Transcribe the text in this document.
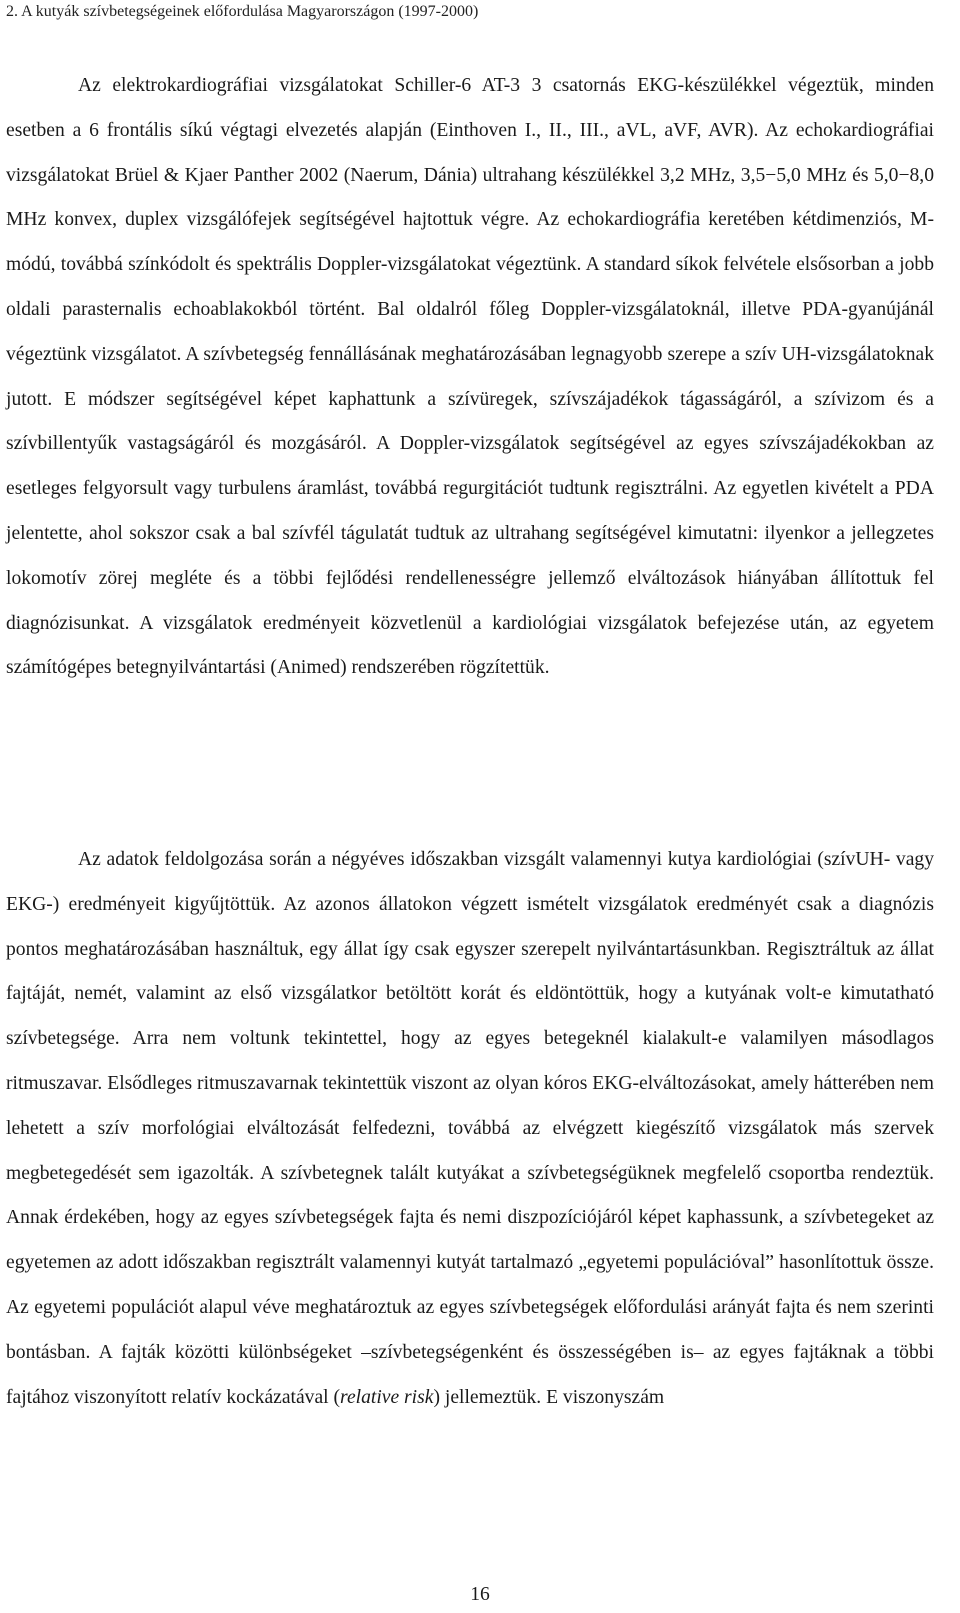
2. A kutyák szívbetegségeinek előfordulása Magyarországon (1997-2000)

Az elektrokardiográfiai vizsgálatokat Schiller-6 AT-3 3 csatornás EKG-készülékkel végeztük, minden esetben a 6 frontális síkú végtagi elvezetés alapján (Einthoven I., II., III., aVL, aVF, AVR). Az echokardiográfiai vizsgálatokat Brüel & Kjaer Panther 2002 (Naerum, Dánia) ultrahang készülékkel 3,2 MHz, 3,5−5,0 MHz és 5,0−8,0 MHz konvex, duplex vizsgálófejek segítségével hajtottuk végre. Az echokardiográfia keretében kétdimenziós, M-módú, továbbá színkódolt és spektrális Doppler-vizsgálatokat végeztünk. A standard síkok felvétele elsősorban a jobb oldali parasternalis echoablakokból történt. Bal oldalról főleg Doppler-vizsgálatoknál, illetve PDA-gyanújánál végeztünk vizsgálatot. A szívbetegség fennállásának meghatározásában legnagyobb szerepe a szív UH-vizsgálatoknak jutott. E módszer segítségével képet kaphattunk a szívüregek, szívszájadékok tágasságáról, a szívizom és a szívbillentyűk vastagságáról és mozgásáról. A Doppler-vizsgálatok segítségével az egyes szívszájadékokban az esetleges felgyorsult vagy turbulens áramlást, továbbá regurgitációt tudtunk regisztrálni. Az egyetlen kivételt a PDA jelentette, ahol sokszor csak a bal szívfél tágulatát tudtuk az ultrahang segítségével kimutatni: ilyenkor a jellegzetes lokomotív zörej megléte és a többi fejlődési rendellenességre jellemző elváltozások hiányában állítottuk fel diagnózisunkat. A vizsgálatok eredményeit közvetlenül a kardiológiai vizsgálatok befejezése után, az egyetem számítógépes betegnyilvántartási (Animed) rendszerében rögzítettük.

Az adatok feldolgozása során a négyéves időszakban vizsgált valamennyi kutya kardiológiai (szívUH- vagy EKG-) eredményeit kigyűjtöttük. Az azonos állatokon végzett ismételt vizsgálatok eredményét csak a diagnózis pontos meghatározásában használtuk, egy állat így csak egyszer szerepelt nyilvántartásunkban. Regisztráltuk az állat fajtáját, nemét, valamint az első vizsgálatkor betöltött korát és eldöntöttük, hogy a kutyának volt-e kimutatható szívbetegsége. Arra nem voltunk tekintettel, hogy az egyes betegeknél kialakult-e valamilyen másodlagos ritmuszavar. Elsődleges ritmuszavarnak tekintettük viszont az olyan kóros EKG-elváltozásokat, amely hátterében nem lehetett a szív morfológiai elváltozását felfedezni, továbbá az elvégzett kiegészítő vizsgálatok más szervek megbetegedését sem igazolták. A szívbetegnek talált kutyákat a szívbetegségüknek megfelelő csoportba rendeztük. Annak érdekében, hogy az egyes szívbetegségek fajta és nemi diszpozíciójáról képet kaphassunk, a szívbetegeket az egyetemen az adott időszakban regisztrált valamennyi kutyát tartalmazó „egyetemi populációval” hasonlítottuk össze. Az egyetemi populációt alapul véve meghatároztuk az egyes szívbetegségek előfordulási arányát fajta és nem szerinti bontásban. A fajták közötti különbségeket –szívbetegségenként és összességében is– az egyes fajtáknak a többi fajtához viszonyított relatív kockázatával (relative risk) jellemeztük. E viszonyszám

16
